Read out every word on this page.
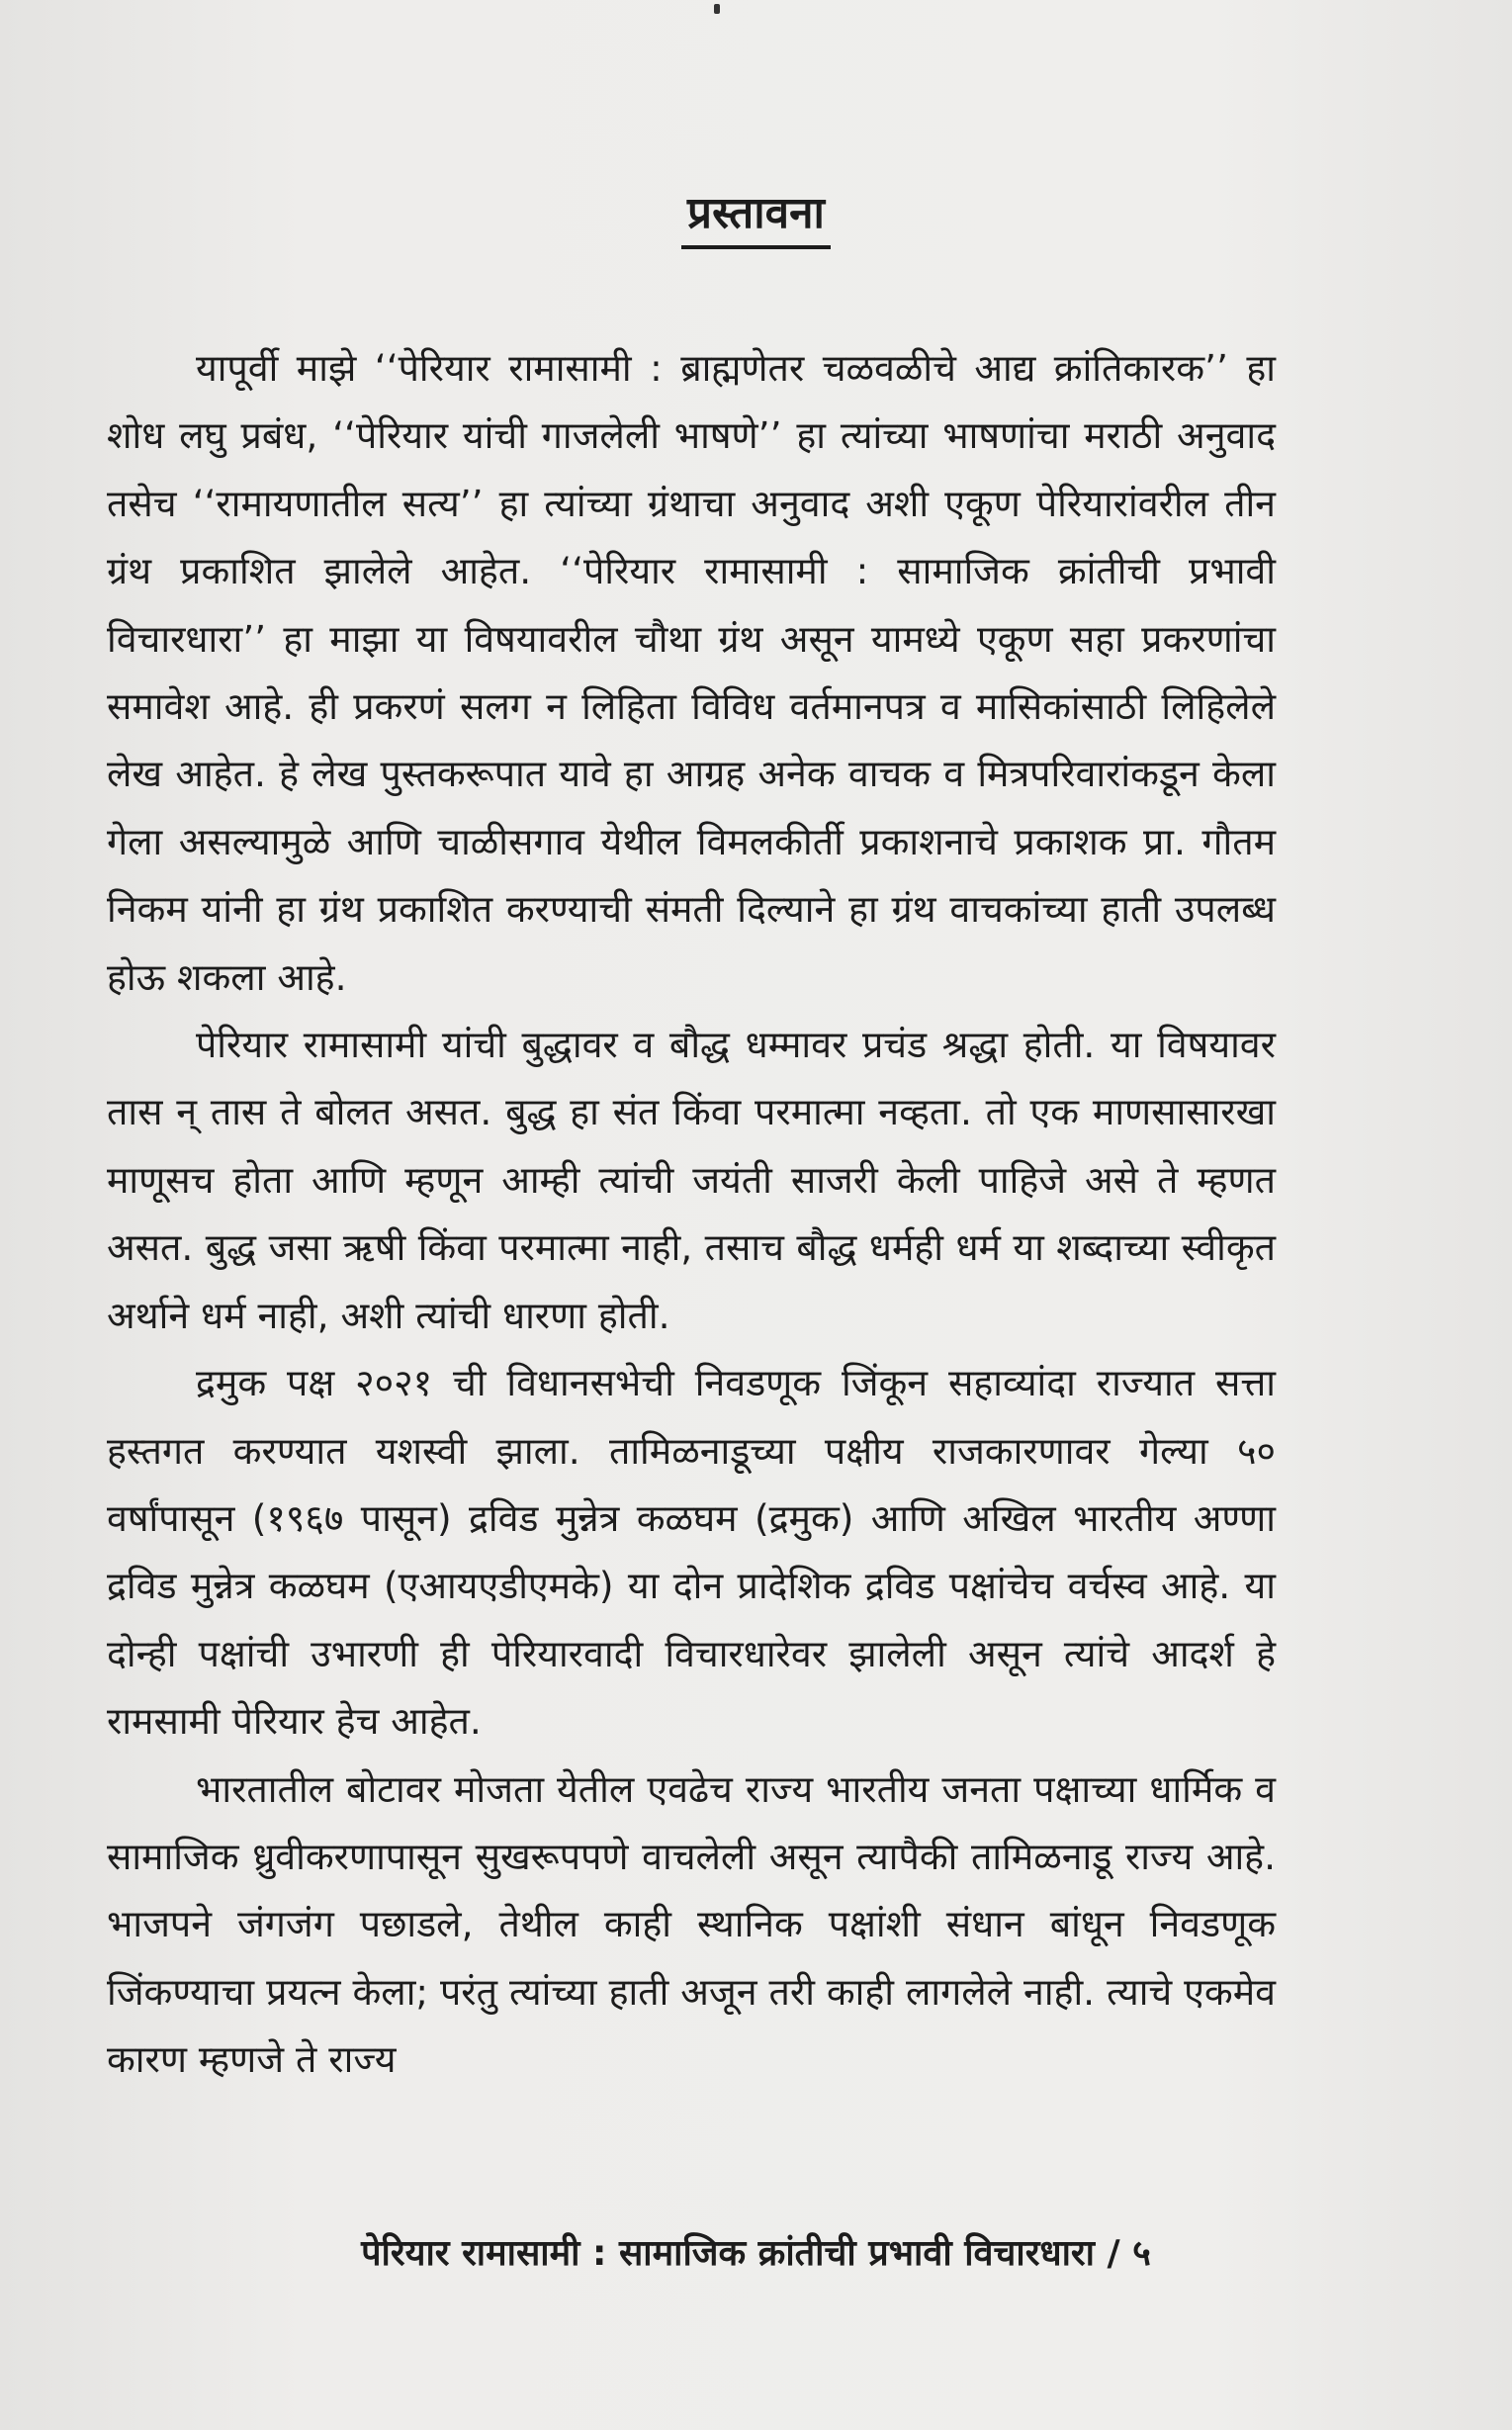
प्रस्तावना

यापूर्वी माझे ‘‘पेरियार रामासामी : ब्राह्मणेतर चळवळीचे आद्य क्रांतिकारक’’ हा शोध लघु प्रबंध, ‘‘पेरियार यांची गाजलेली भाषणे’’ हा त्यांच्या भाषणांचा मराठी अनुवाद तसेच ‘‘रामायणातील सत्य’’ हा त्यांच्या ग्रंथाचा अनुवाद अशी एकूण पेरियारांवरील तीन ग्रंथ प्रकाशित झालेले आहेत. ‘‘पेरियार रामासामी : सामाजिक क्रांतीची प्रभावी विचारधारा’’ हा माझा या विषयावरील चौथा ग्रंथ असून यामध्ये एकूण सहा प्रकरणांचा समावेश आहे. ही प्रकरणं सलग न लिहिता विविध वर्तमानपत्र व मासिकांसाठी लिहिलेले लेख आहेत. हे लेख पुस्तकरूपात यावे हा आग्रह अनेक वाचक व मित्रपरिवारांकडून केला गेला असल्यामुळे आणि चाळीसगाव येथील विमलकीर्ती प्रकाशनाचे प्रकाशक प्रा. गौतम निकम यांनी हा ग्रंथ प्रकाशित करण्याची संमती दिल्याने हा ग्रंथ वाचकांच्या हाती उपलब्ध होऊ शकला आहे.

पेरियार रामासामी यांची बुद्धावर व बौद्ध धम्मावर प्रचंड श्रद्धा होती. या विषयावर तास न् तास ते बोलत असत. बुद्ध हा संत किंवा परमात्मा नव्हता. तो एक माणसासारखा माणूसच होता आणि म्हणून आम्ही त्यांची जयंती साजरी केली पाहिजे असे ते म्हणत असत. बुद्ध जसा ऋषी किंवा परमात्मा नाही, तसाच बौद्ध धर्मही धर्म या शब्दाच्या स्वीकृत अर्थाने धर्म नाही, अशी त्यांची धारणा होती.

द्रमुक पक्ष २०२१ ची विधानसभेची निवडणूक जिंकून सहाव्यांदा राज्यात सत्ता हस्तगत करण्यात यशस्वी झाला. तामिळनाडूच्या पक्षीय राजकारणावर गेल्या ५० वर्षांपासून (१९६७ पासून) द्रविड मुन्नेत्र कळघम (द्रमुक) आणि अखिल भारतीय अण्णा द्रविड मुन्नेत्र कळघम (एआयएडीएमके) या दोन प्रादेशिक द्रविड पक्षांचेच वर्चस्व आहे. या दोन्ही पक्षांची उभारणी ही पेरियारवादी विचारधारेवर झालेली असून त्यांचे आदर्श हे रामसामी पेरियार हेच आहेत.

भारतातील बोटावर मोजता येतील एवढेच राज्य भारतीय जनता पक्षाच्या धार्मिक व सामाजिक ध्रुवीकरणापासून सुखरूपपणे वाचलेली असून त्यापैकी तामिळनाडू राज्य आहे. भाजपने जंगजंग पछाडले, तेथील काही स्थानिक पक्षांशी संधान बांधून निवडणूक जिंकण्याचा प्रयत्न केला; परंतु त्यांच्या हाती अजून तरी काही लागलेले नाही. त्याचे एकमेव कारण म्हणजे ते राज्य

पेरियार रामासामी : सामाजिक क्रांतीची प्रभावी विचारधारा / ५
